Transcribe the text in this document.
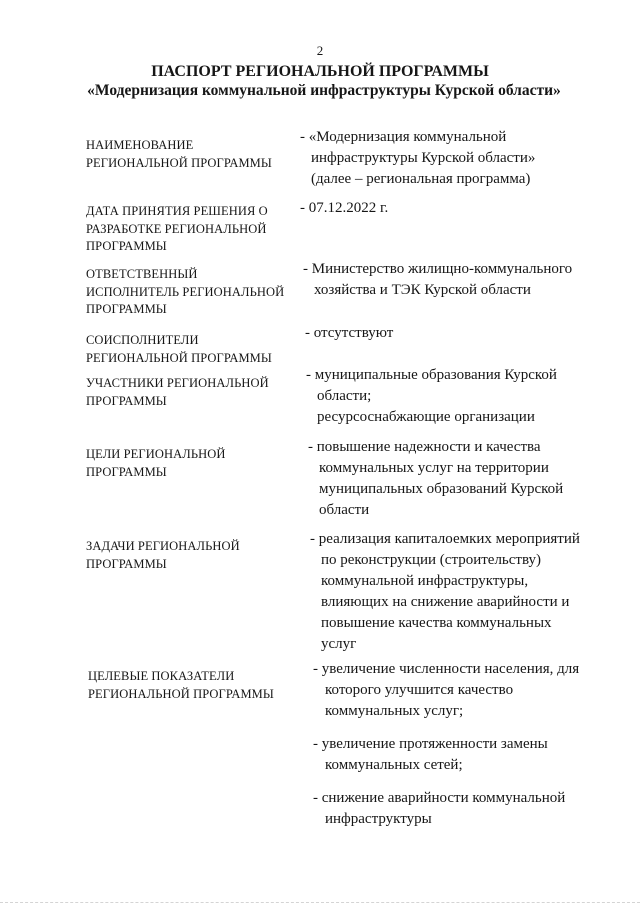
2
ПАСПОРТ РЕГИОНАЛЬНОЙ ПРОГРАММЫ
«Модернизация коммунальной инфраструктуры Курской области»
НАИМЕНОВАНИЕ
РЕГИОНАЛЬНОЙ ПРОГРАММЫ
- «Модернизация коммунальной
инфраструктуры Курской области»
(далее – региональная программа)
ДАТА ПРИНЯТИЯ РЕШЕНИЯ О
РАЗРАБОТКЕ РЕГИОНАЛЬНОЙ
ПРОГРАММЫ
- 07.12.2022 г.
ОТВЕТСТВЕННЫЙ
ИСПОЛНИТЕЛЬ РЕГИОНАЛЬНОЙ
ПРОГРАММЫ
- Министерство жилищно-коммунального
хозяйства и ТЭК Курской области
СОИСПОЛНИТЕЛИ
РЕГИОНАЛЬНОЙ ПРОГРАММЫ
- отсутствуют
УЧАСТНИКИ РЕГИОНАЛЬНОЙ
ПРОГРАММЫ
- муниципальные образования Курской
области;
ресурсоснабжающие организации
ЦЕЛИ РЕГИОНАЛЬНОЙ
ПРОГРАММЫ
- повышение надежности и качества
коммунальных услуг на территории
муниципальных образований Курской
области
ЗАДАЧИ РЕГИОНАЛЬНОЙ
ПРОГРАММЫ
- реализация капиталоемких мероприятий
по реконструкции (строительству)
коммунальной инфраструктуры,
влияющих на снижение аварийности и
повышение качества коммунальных
услуг
ЦЕЛЕВЫЕ ПОКАЗАТЕЛИ
РЕГИОНАЛЬНОЙ ПРОГРАММЫ
- увеличение численности населения, для
которого улучшится качество
коммунальных услуг;
- увеличение протяженности замены
коммунальных сетей;
- снижение аварийности коммунальной
инфраструктуры
